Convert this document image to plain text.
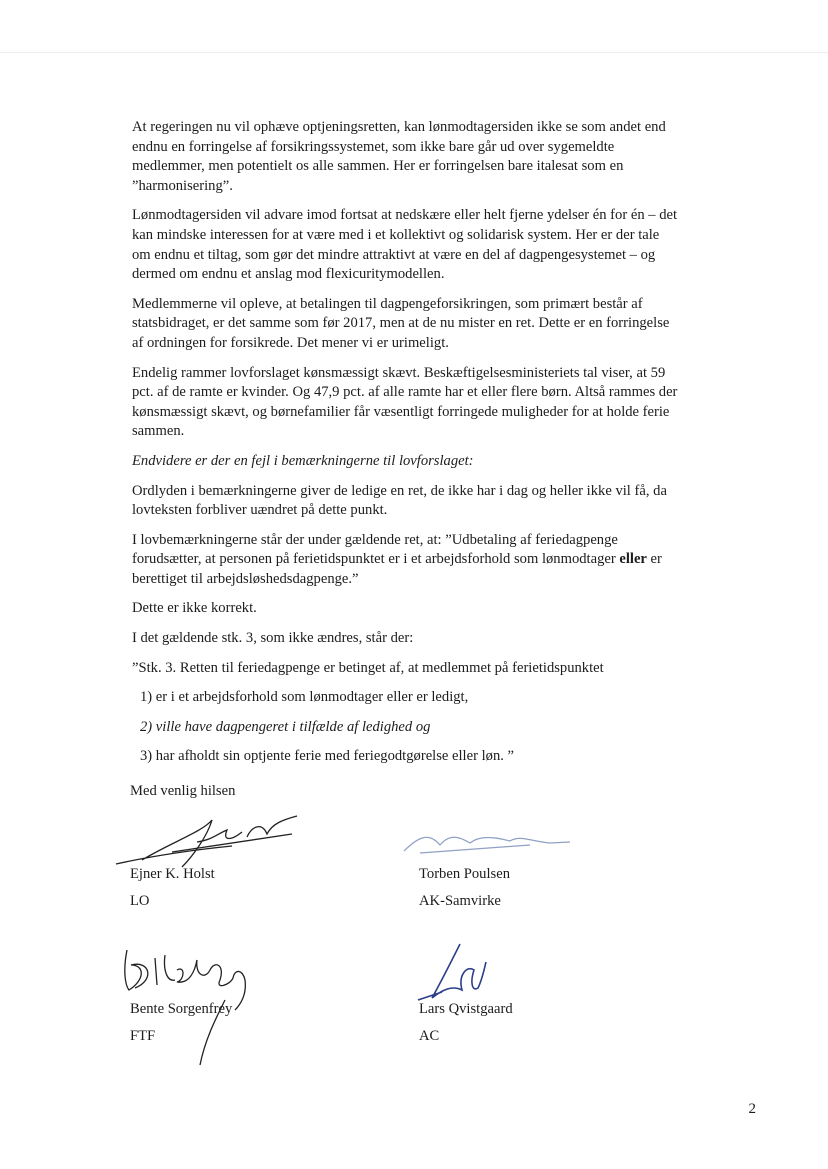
At regeringen nu vil ophæve optjeningsretten, kan lønmodtagersiden ikke se som andet end endnu en forringelse af forsikringssystemet, som ikke bare går ud over sygemeldte medlemmer, men potentielt os alle sammen. Her er forringelsen bare italesat som en ”harmonisering”.

Lønmodtagersiden vil advare imod fortsat at nedskære eller helt fjerne ydelser én for én – det kan mindske interessen for at være med i et kollektivt og solidarisk system. Her er der tale om endnu et tiltag, som gør det mindre attraktivt at være en del af dagpengesystemet – og dermed om endnu et anslag mod flexicuritymodellen.

Medlemmerne vil opleve, at betalingen til dagpengeforsikringen, som primært består af statsbidraget, er det samme som før 2017, men at de nu mister en ret. Dette er en forringelse af ordningen for forsikrede. Det mener vi er urimeligt.

Endelig rammer lovforslaget kønsmæssigt skævt. Beskæftigelsesministeriets tal viser, at 59 pct. af de ramte er kvinder. Og 47,9 pct. af alle ramte har et eller flere børn. Altså rammes der kønsmæssigt skævt, og børnefamilier får væsentligt forringede muligheder for at holde ferie sammen.

Endvidere er der en fejl i bemærkningerne til lovforslaget:

Ordlyden i bemærkningerne giver de ledige en ret, de ikke har i dag og heller ikke vil få, da lovteksten forbliver uændret på dette punkt.

I lovbemærkningerne står der under gældende ret, at: ”Udbetaling af feriedagpenge forudsætter, at personen på ferietidspunktet er i et arbejdsforhold som lønmodtager eller er berettiget til arbejdsløshedsdagpenge.”

Dette er ikke korrekt.

I det gældende stk. 3, som ikke ændres, står der:

”Stk. 3. Retten til feriedagpenge er betinget af, at medlemmet på ferietidspunktet

1) er i et arbejdsforhold som lønmodtager eller er ledigt,

2) ville have dagpengeret i tilfælde af ledighed og

3) har afholdt sin optjente ferie med feriegodtgørelse eller løn. ”

Med venlig hilsen
Ejner K. Holst
LO
Torben Poulsen
AK-Samvirke
Bente Sorgenfrey
FTF
Lars Qvistgaard
AC
2
